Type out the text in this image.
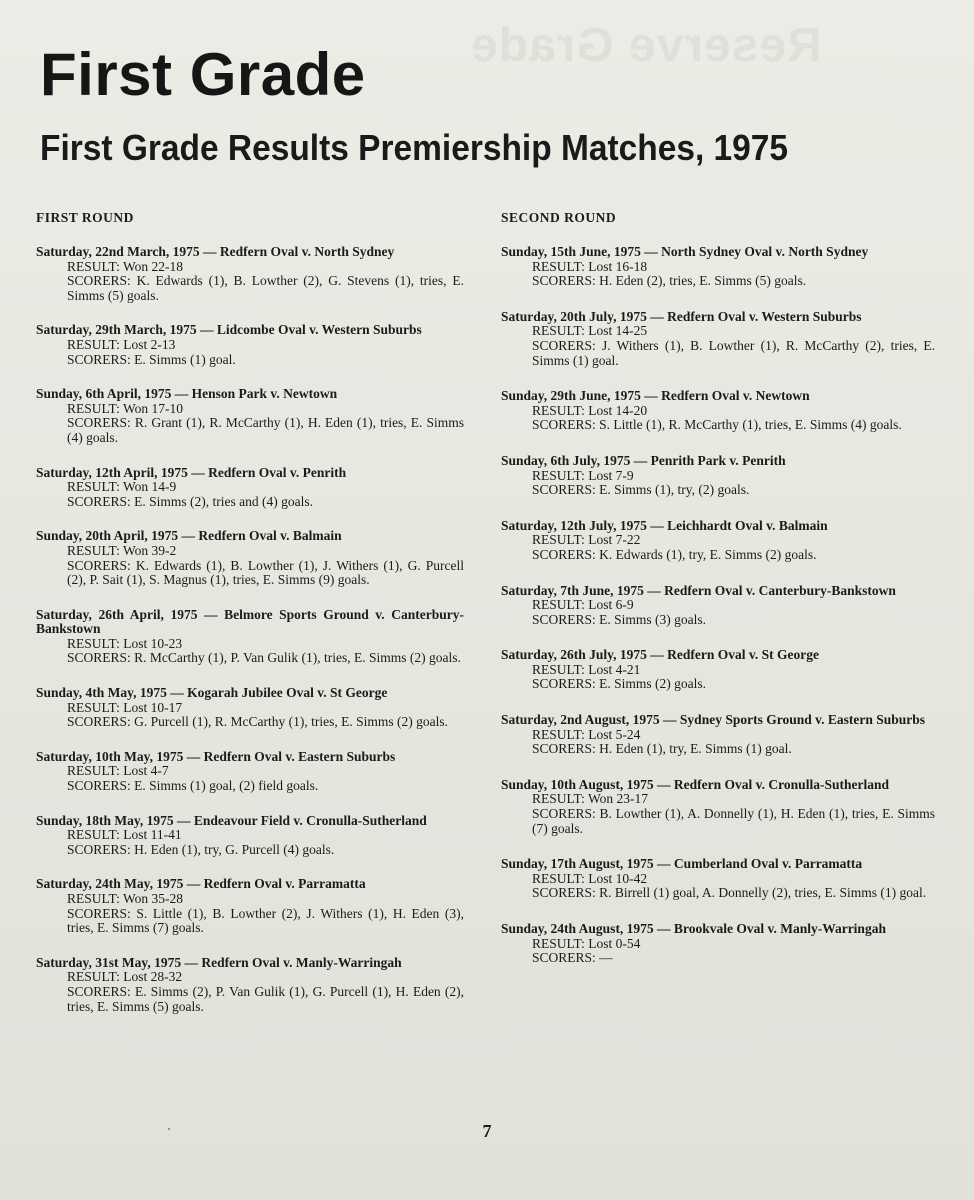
Reserve Grade
First Grade
First Grade Results Premiership Matches, 1975
FIRST ROUND
Saturday, 22nd March, 1975 — Redfern Oval v. North Sydney
RESULT: Won 22-18
SCORERS: K. Edwards (1), B. Lowther (2), G. Stevens (1), tries, E. Simms (5) goals.
Saturday, 29th March, 1975 — Lidcombe Oval v. Western Suburbs
RESULT: Lost 2-13
SCORERS: E. Simms (1) goal.
Sunday, 6th April, 1975 — Henson Park v. Newtown
RESULT: Won 17-10
SCORERS: R. Grant (1), R. McCarthy (1), H. Eden (1), tries, E. Simms (4) goals.
Saturday, 12th April, 1975 — Redfern Oval v. Penrith
RESULT: Won 14-9
SCORERS: E. Simms (2), tries and (4) goals.
Sunday, 20th April, 1975 — Redfern Oval v. Balmain
RESULT: Won 39-2
SCORERS: K. Edwards (1), B. Lowther (1), J. Withers (1), G. Purcell (2), P. Sait (1), S. Magnus (1), tries, E. Simms (9) goals.
Saturday, 26th April, 1975 — Belmore Sports Ground v. Canterbury-Bankstown
RESULT: Lost 10-23
SCORERS: R. McCarthy (1), P. Van Gulik (1), tries, E. Simms (2) goals.
Sunday, 4th May, 1975 — Kogarah Jubilee Oval v. St George
RESULT: Lost 10-17
SCORERS: G. Purcell (1), R. McCarthy (1), tries, E. Simms (2) goals.
Saturday, 10th May, 1975 — Redfern Oval v. Eastern Suburbs
RESULT: Lost 4-7
SCORERS: E. Simms (1) goal, (2) field goals.
Sunday, 18th May, 1975 — Endeavour Field v. Cronulla-Sutherland
RESULT: Lost 11-41
SCORERS: H. Eden (1), try, G. Purcell (4) goals.
Saturday, 24th May, 1975 — Redfern Oval v. Parramatta
RESULT: Won 35-28
SCORERS: S. Little (1), B. Lowther (2), J. Withers (1), H. Eden (3), tries, E. Simms (7) goals.
Saturday, 31st May, 1975 — Redfern Oval v. Manly-Warringah
RESULT: Lost 28-32
SCORERS: E. Simms (2), P. Van Gulik (1), G. Purcell (1), H. Eden (2), tries, E. Simms (5) goals.
SECOND ROUND
Sunday, 15th June, 1975 — North Sydney Oval v. North Sydney
RESULT: Lost 16-18
SCORERS: H. Eden (2), tries, E. Simms (5) goals.
Saturday, 20th July, 1975 — Redfern Oval v. Western Suburbs
RESULT: Lost 14-25
SCORERS: J. Withers (1), B. Lowther (1), R. McCarthy (2), tries, E. Simms (1) goal.
Sunday, 29th June, 1975 — Redfern Oval v. Newtown
RESULT: Lost 14-20
SCORERS: S. Little (1), R. McCarthy (1), tries, E. Simms (4) goals.
Sunday, 6th July, 1975 — Penrith Park v. Penrith
RESULT: Lost 7-9
SCORERS: E. Simms (1), try, (2) goals.
Saturday, 12th July, 1975 — Leichhardt Oval v. Balmain
RESULT: Lost 7-22
SCORERS: K. Edwards (1), try, E. Simms (2) goals.
Saturday, 7th June, 1975 — Redfern Oval v. Canterbury-Bankstown
RESULT: Lost 6-9
SCORERS: E. Simms (3) goals.
Saturday, 26th July, 1975 — Redfern Oval v. St George
RESULT: Lost 4-21
SCORERS: E. Simms (2) goals.
Saturday, 2nd August, 1975 — Sydney Sports Ground v. Eastern Suburbs
RESULT: Lost 5-24
SCORERS: H. Eden (1), try, E. Simms (1) goal.
Sunday, 10th August, 1975 — Redfern Oval v. Cronulla-Sutherland
RESULT: Won 23-17
SCORERS: B. Lowther (1), A. Donnelly (1), H. Eden (1), tries, E. Simms (7) goals.
Sunday, 17th August, 1975 — Cumberland Oval v. Parramatta
RESULT: Lost 10-42
SCORERS: R. Birrell (1) goal, A. Donnelly (2), tries, E. Simms (1) goal.
Sunday, 24th August, 1975 — Brookvale Oval v. Manly-Warringah
RESULT: Lost 0-54
SCORERS: —
7
